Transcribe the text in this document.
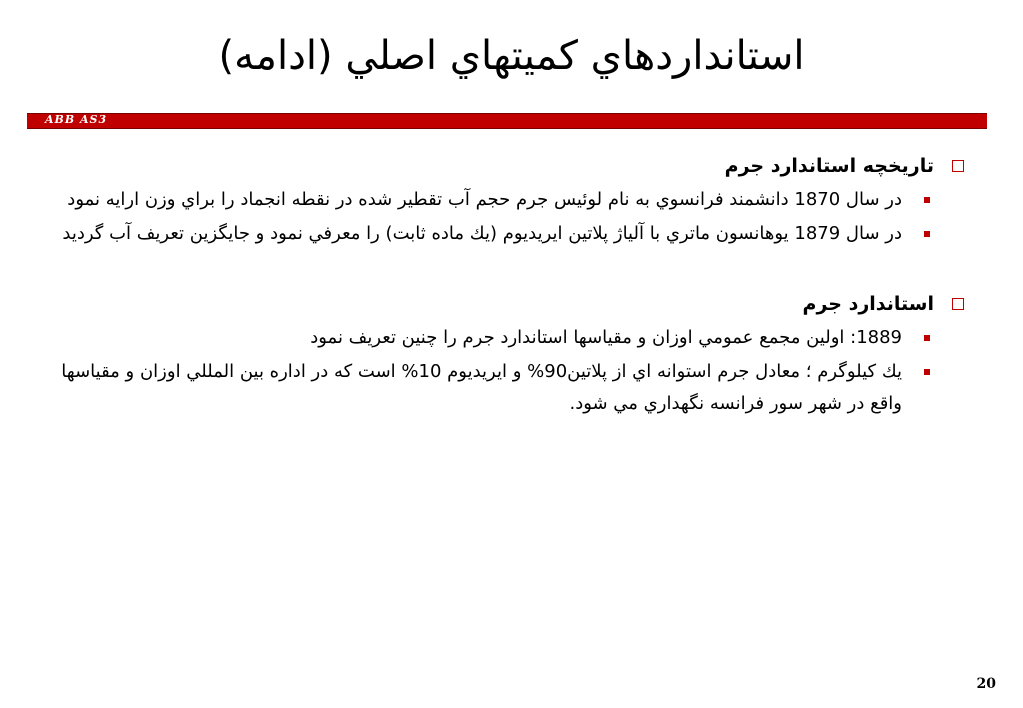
استانداردهاي كميتهاي اصلي (ادامه)
ABB AS3
تاريخچه استاندارد جرم
در سال 1870 دانشمند فرانسوي به نام لوئيس جرم حجم آب تقطير شده در نقطه انجماد را براي وزن ارايه نمود
در سال 1879 يوهانسون ماتري با آلياژ پلاتين ايريديوم (يك ماده ثابت) را معرفي نمود و جايگزين تعريف آب گرديد
استاندارد جرم
1889: اولين مجمع عمومي اوزان و مقياسها استاندارد جرم را چنين تعريف نمود
يك كيلوگرم ؛ معادل جرم استوانه اي از پلاتين90% و ايريديوم 10% است كه در اداره بين المللي اوزان و مقياسها واقع در شهر سور فرانسه نگهداري مي شود.
20
